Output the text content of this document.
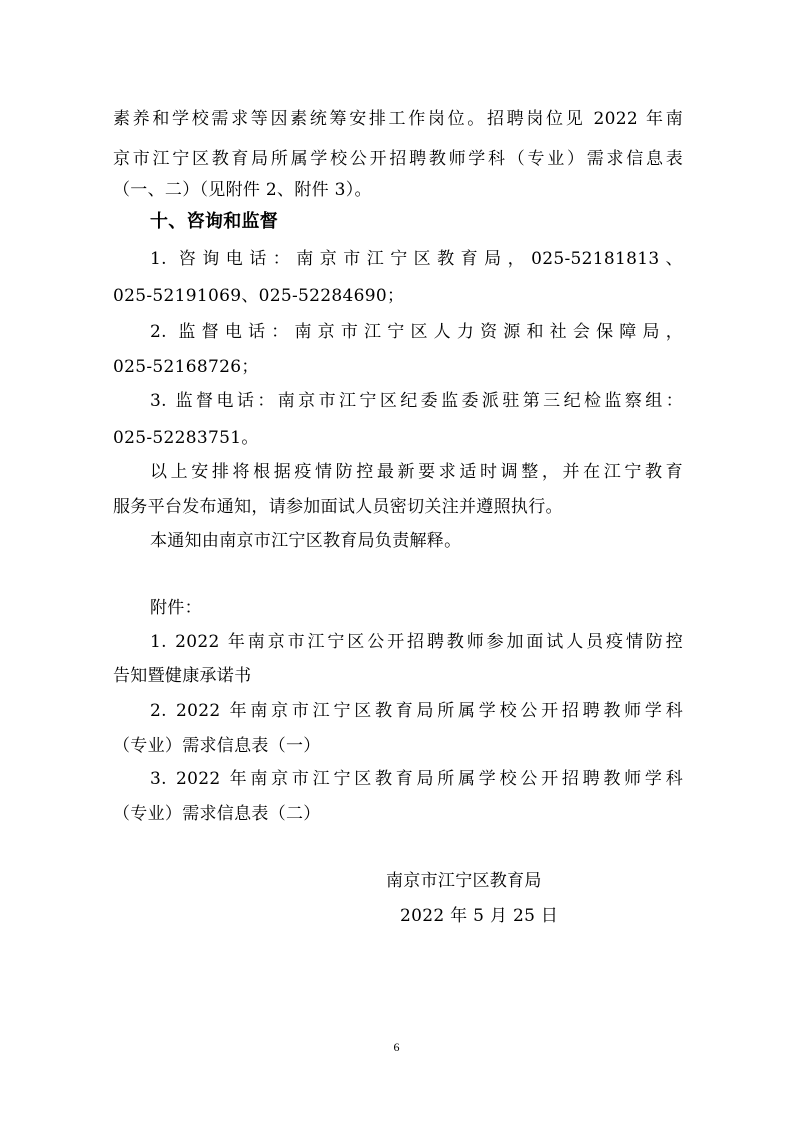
素养和学校需求等因素统筹安排工作岗位。招聘岗位见 2022 年南
京市江宁区教育局所属学校公开招聘教师学科（专业）需求信息表
（一、二）（见附件 2、附件 3）。
十、咨询和监督
1. 咨询电话：南京市江宁区教育局，025-52181813、
025-52191069、025-52284690；
2. 监督电话：南京市江宁区人力资源和社会保障局，
025-52168726；
3. 监督电话：南京市江宁区纪委监委派驻第三纪检监察组：
025-52283751。
以上安排将根据疫情防控最新要求适时调整，并在江宁教育
服务平台发布通知，请参加面试人员密切关注并遵照执行。
本通知由南京市江宁区教育局负责解释。
附件：
1. 2022 年南京市江宁区公开招聘教师参加面试人员疫情防控
告知暨健康承诺书
2. 2022 年南京市江宁区教育局所属学校公开招聘教师学科
（专业）需求信息表（一）
3. 2022 年南京市江宁区教育局所属学校公开招聘教师学科
（专业）需求信息表（二）
南京市江宁区教育局
2022 年 5 月 25 日
6
